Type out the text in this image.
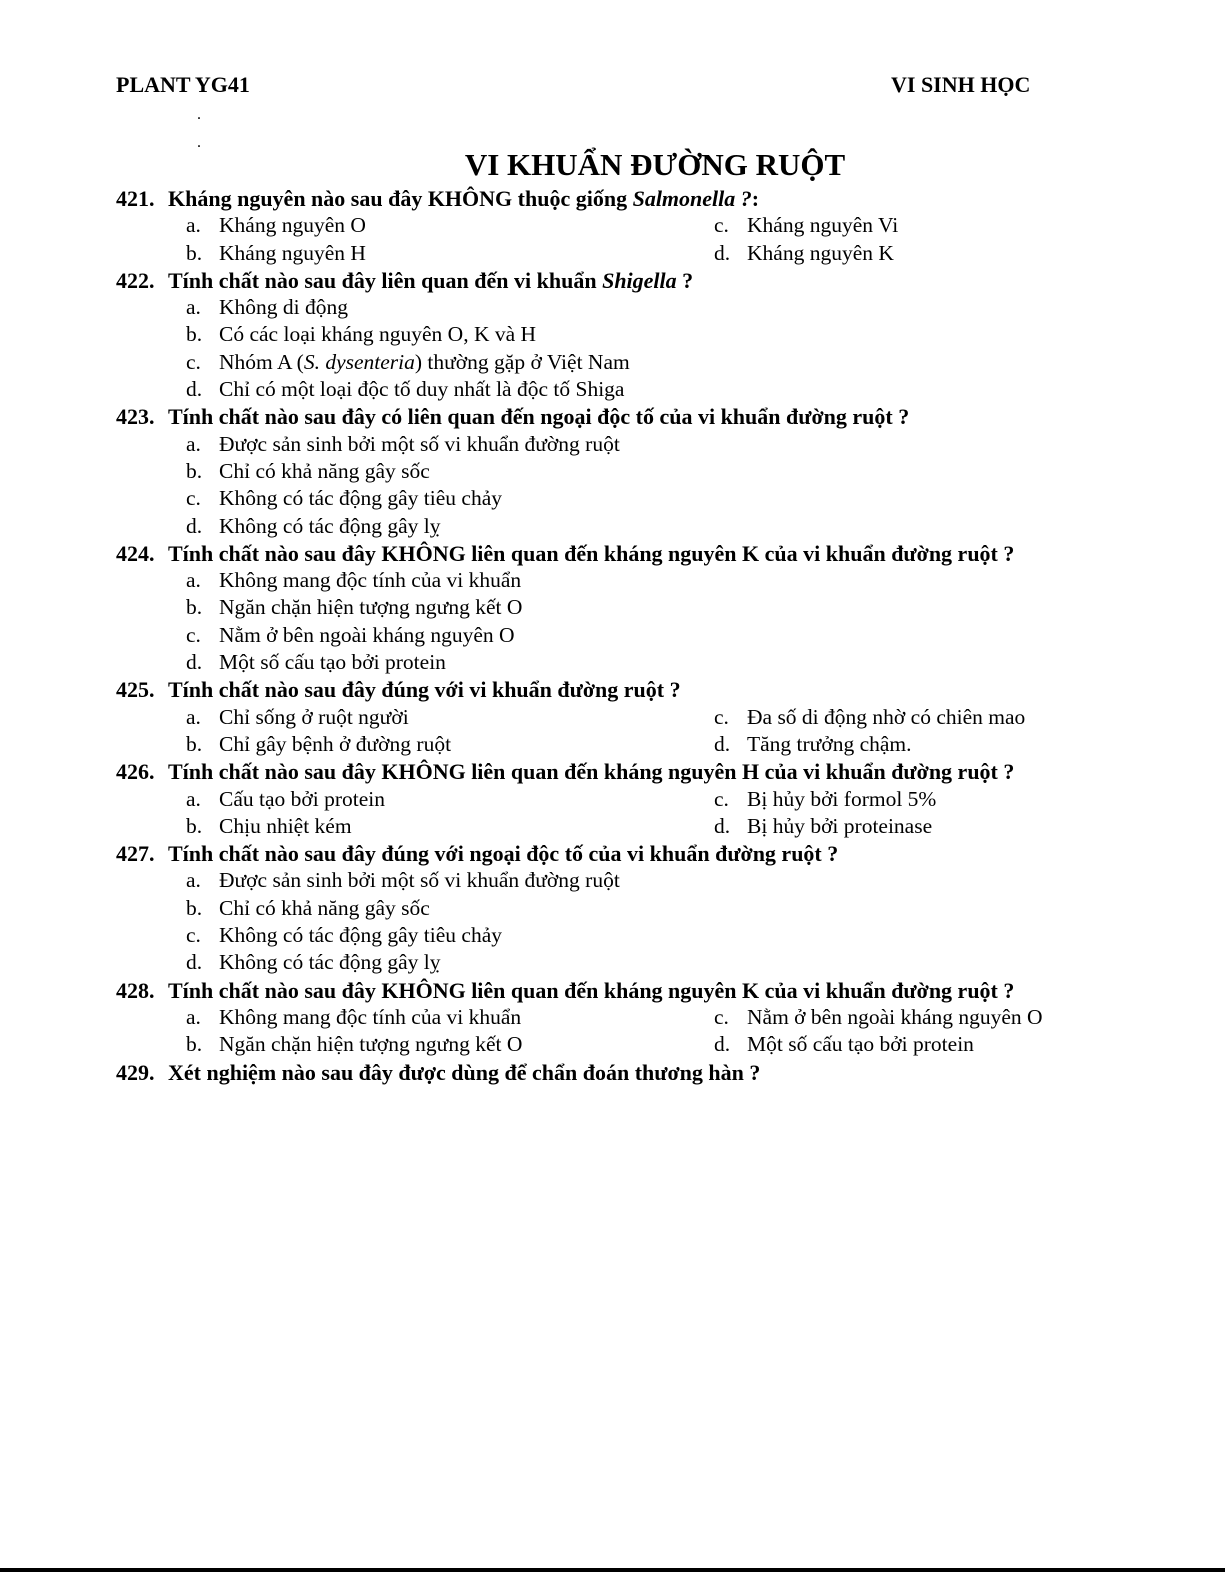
PLANT YG41	VI SINH HỌC
.
.
VI KHUẨN ĐƯỜNG RUỘT
421. Kháng nguyên nào sau đây KHÔNG thuộc giống Salmonella ?:
a. Kháng nguyên O	c. Kháng nguyên Vi
b. Kháng nguyên H	d. Kháng nguyên K
422. Tính chất nào sau đây liên quan đến vi khuẩn Shigella ?
a. Không di động
b. Có các loại kháng nguyên O, K và H
c. Nhóm A (S. dysenteria) thường gặp ở Việt Nam
d. Chỉ có một loại độc tố duy nhất là độc tố Shiga
423. Tính chất nào sau đây có liên quan đến ngoại độc tố của vi khuẩn đường ruột ?
a. Được sản sinh bởi một số vi khuẩn đường ruột
b. Chỉ có khả năng gây sốc
c. Không có tác động gây tiêu chảy
d. Không có tác động gây lỵ
424. Tính chất nào sau đây KHÔNG liên quan đến kháng nguyên K của vi khuẩn đường ruột ?
a. Không mang độc tính của vi khuẩn
b. Ngăn chặn hiện tượng ngưng kết O
c. Nằm ở bên ngoài kháng nguyên O
d. Một số cấu tạo bởi protein
425. Tính chất nào sau đây đúng với vi khuẩn đường ruột ?
a. Chỉ sống ở ruột người	c. Đa số di động nhờ có chiên mao
b. Chỉ gây bệnh ở đường ruột	d. Tăng trưởng chậm.
426. Tính chất nào sau đây KHÔNG liên quan đến kháng nguyên H của vi khuẩn đường ruột ?
a. Cấu tạo bởi protein	c. Bị hủy bởi formol 5%
b. Chịu nhiệt kém	d. Bị hủy bởi proteinase
427. Tính chất nào sau đây đúng với ngoại độc tố của vi khuẩn đường ruột ?
a. Được sản sinh bởi một số vi khuẩn đường ruột
b. Chỉ có khả năng gây sốc
c. Không có tác động gây tiêu chảy
d. Không có tác động gây lỵ
428. Tính chất nào sau đây KHÔNG liên quan đến kháng nguyên K của vi khuẩn đường ruột ?
a. Không mang độc tính của vi khuẩn	c. Nằm ở bên ngoài kháng nguyên O
b. Ngăn chặn hiện tượng ngưng kết O	d. Một số cấu tạo bởi protein
429. Xét nghiệm nào sau đây được dùng để chẩn đoán thương hàn ?
